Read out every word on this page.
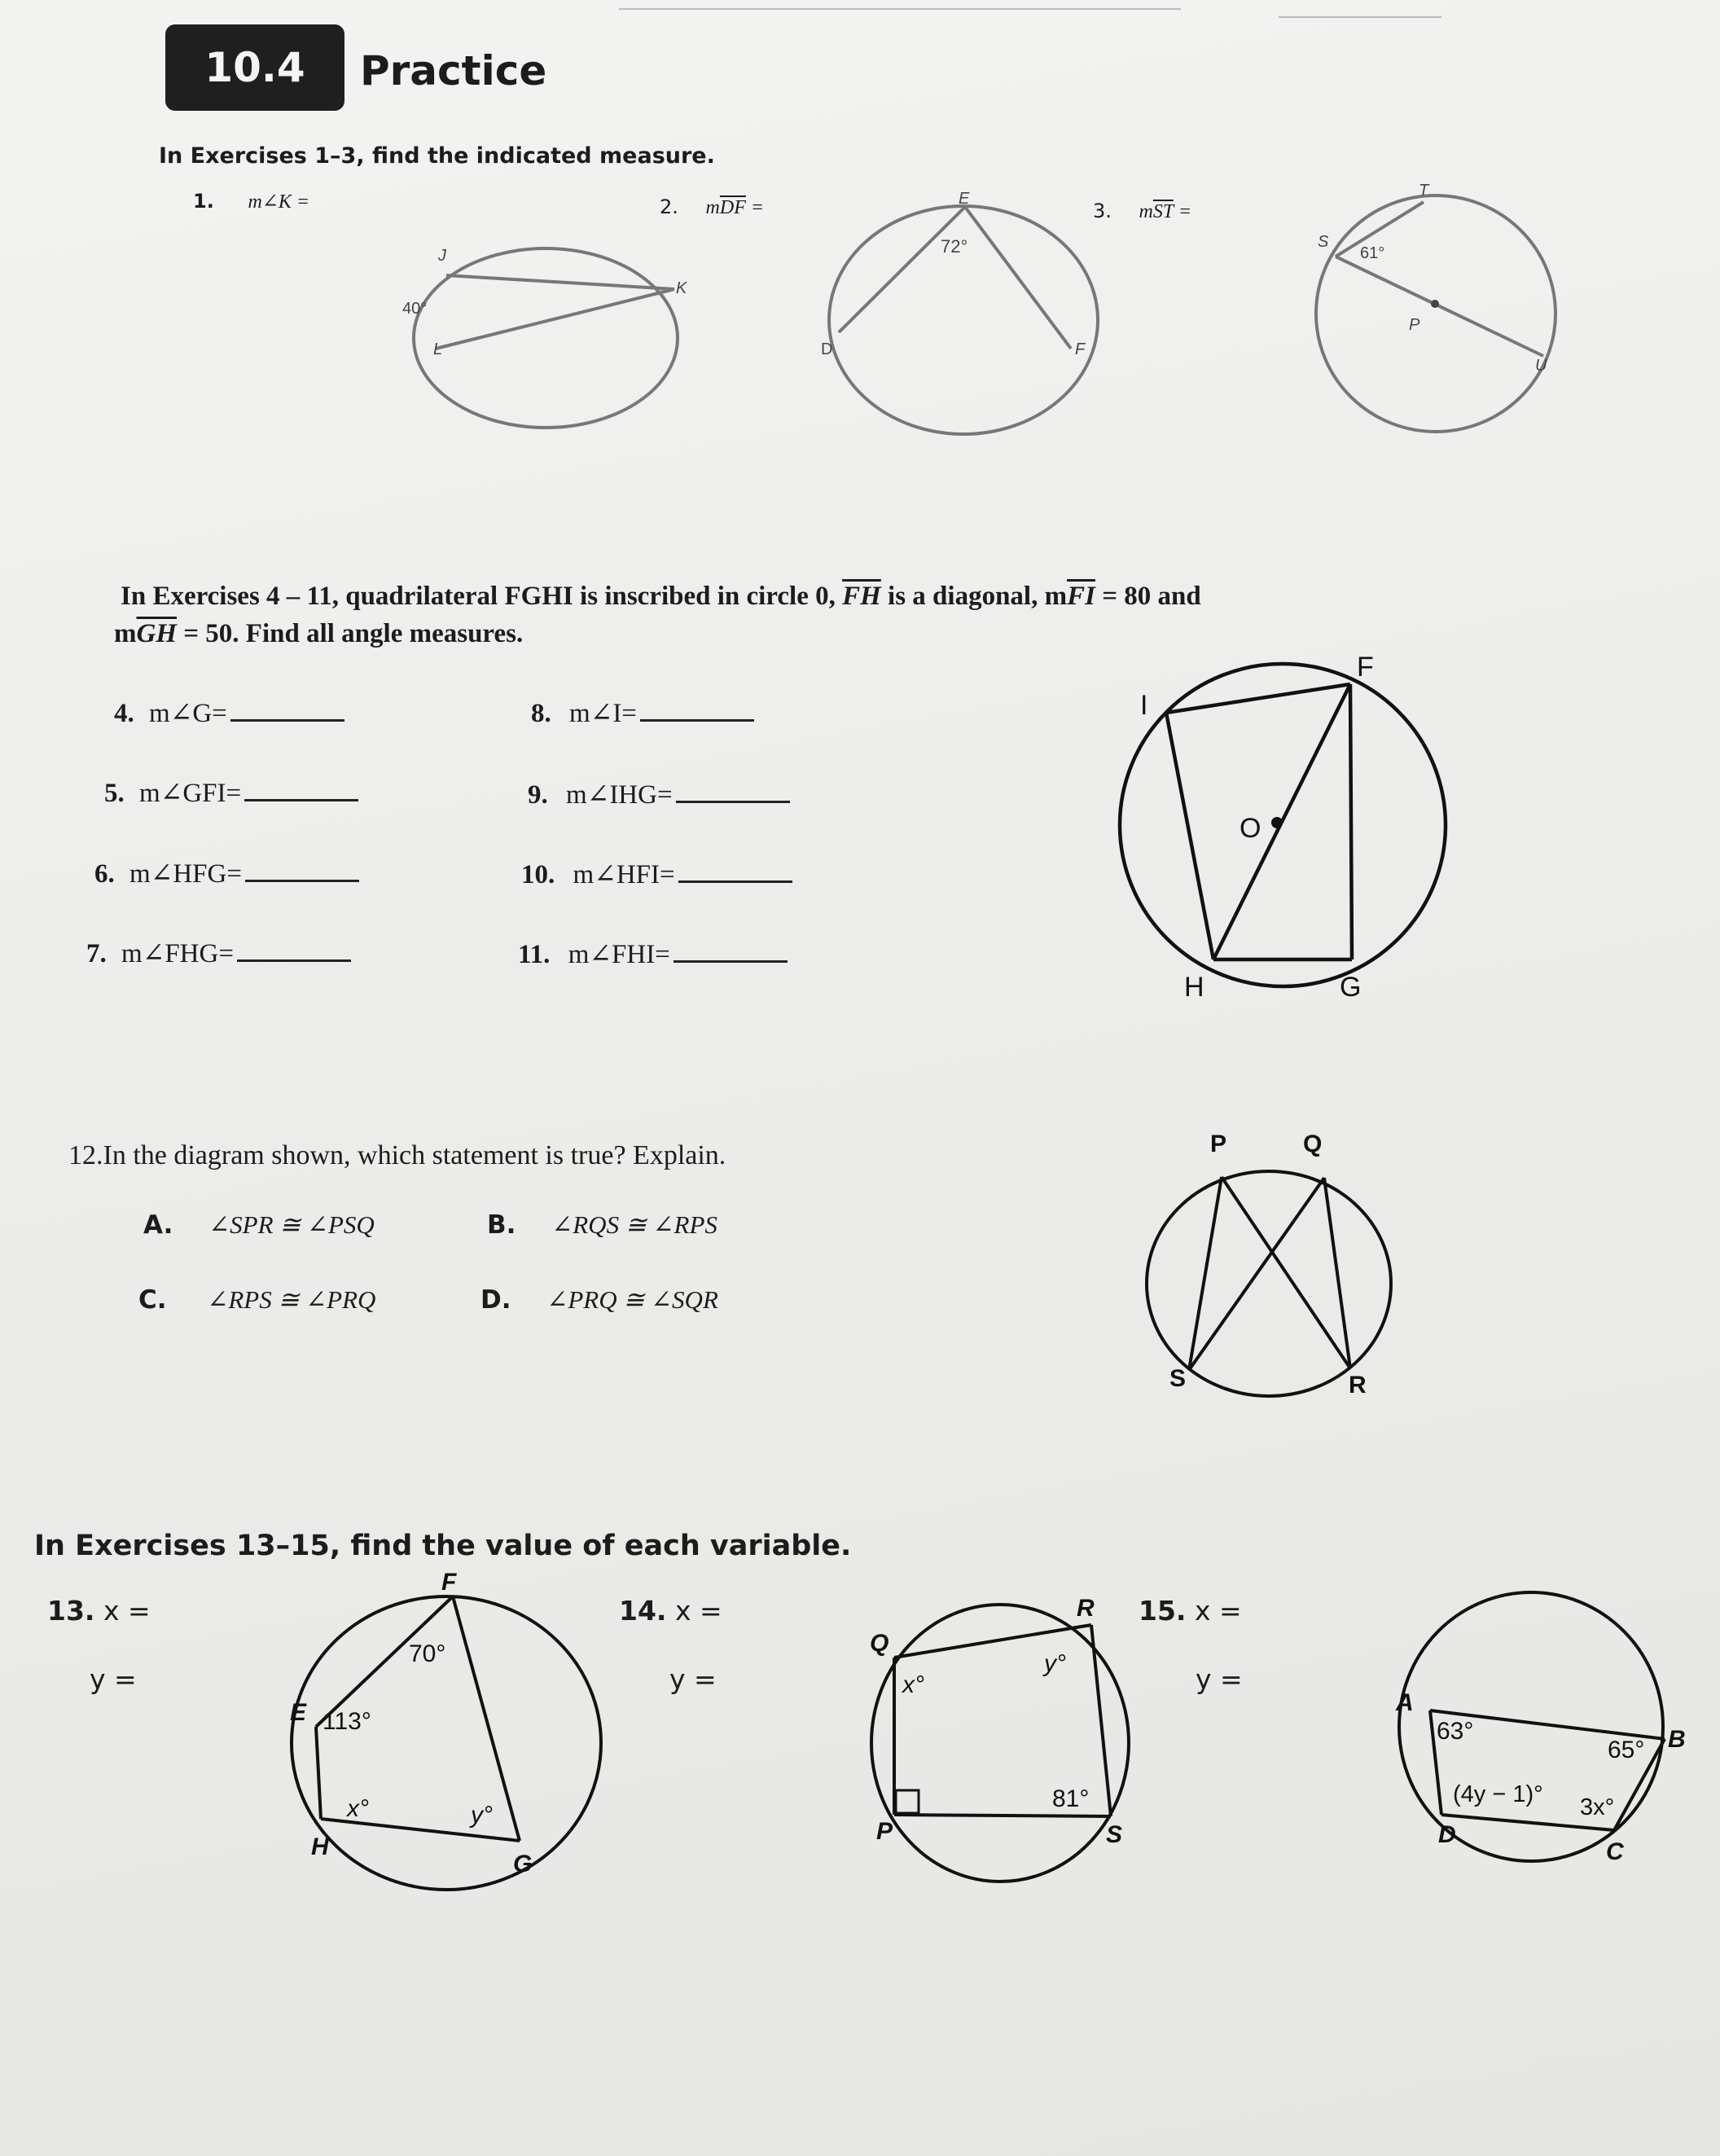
10.4	Practice
In Exercises 1–3, find the indicated measure.
1. m∠K =	2. $m\overline{DF}$ =	3. $m\overline{ST}$ =
J
K
L
40°
E
D	F
72°
T
S
P
U
61°
In Exercises 4 – 11, quadrilateral FGHI is inscribed in circle 0, $\overline{FH}$ is a diagonal, $m\overline{FI} = 80$ and
$m\overline{GH} = 50$. Find all angle measures.
4. m∠G=
5. m∠GFI=
6. m∠HFG=
7. m∠FHG=
8. m∠I=
9. m∠IHG=
10. m∠HFI=
11. m∠FHI=
F
I
O
H	G
12.In the diagram shown, which statement is true? Explain.
A. ∠SPR ≅ ∠PSQ	B. ∠RQS ≅ ∠RPS
C. ∠RPS ≅ ∠PRQ	D. ∠PRQ ≅ ∠SQR
P	Q
S	R
In Exercises 13–15, find the value of each variable.
13. x =
y =
14. x =
y =
15. x =
y =
F
E
H
G
70°
113°
x°	y°
Q
R
P	S
x°
y°
81°
A
B
C
D
63°
65°
(4y − 1)° 3x°
